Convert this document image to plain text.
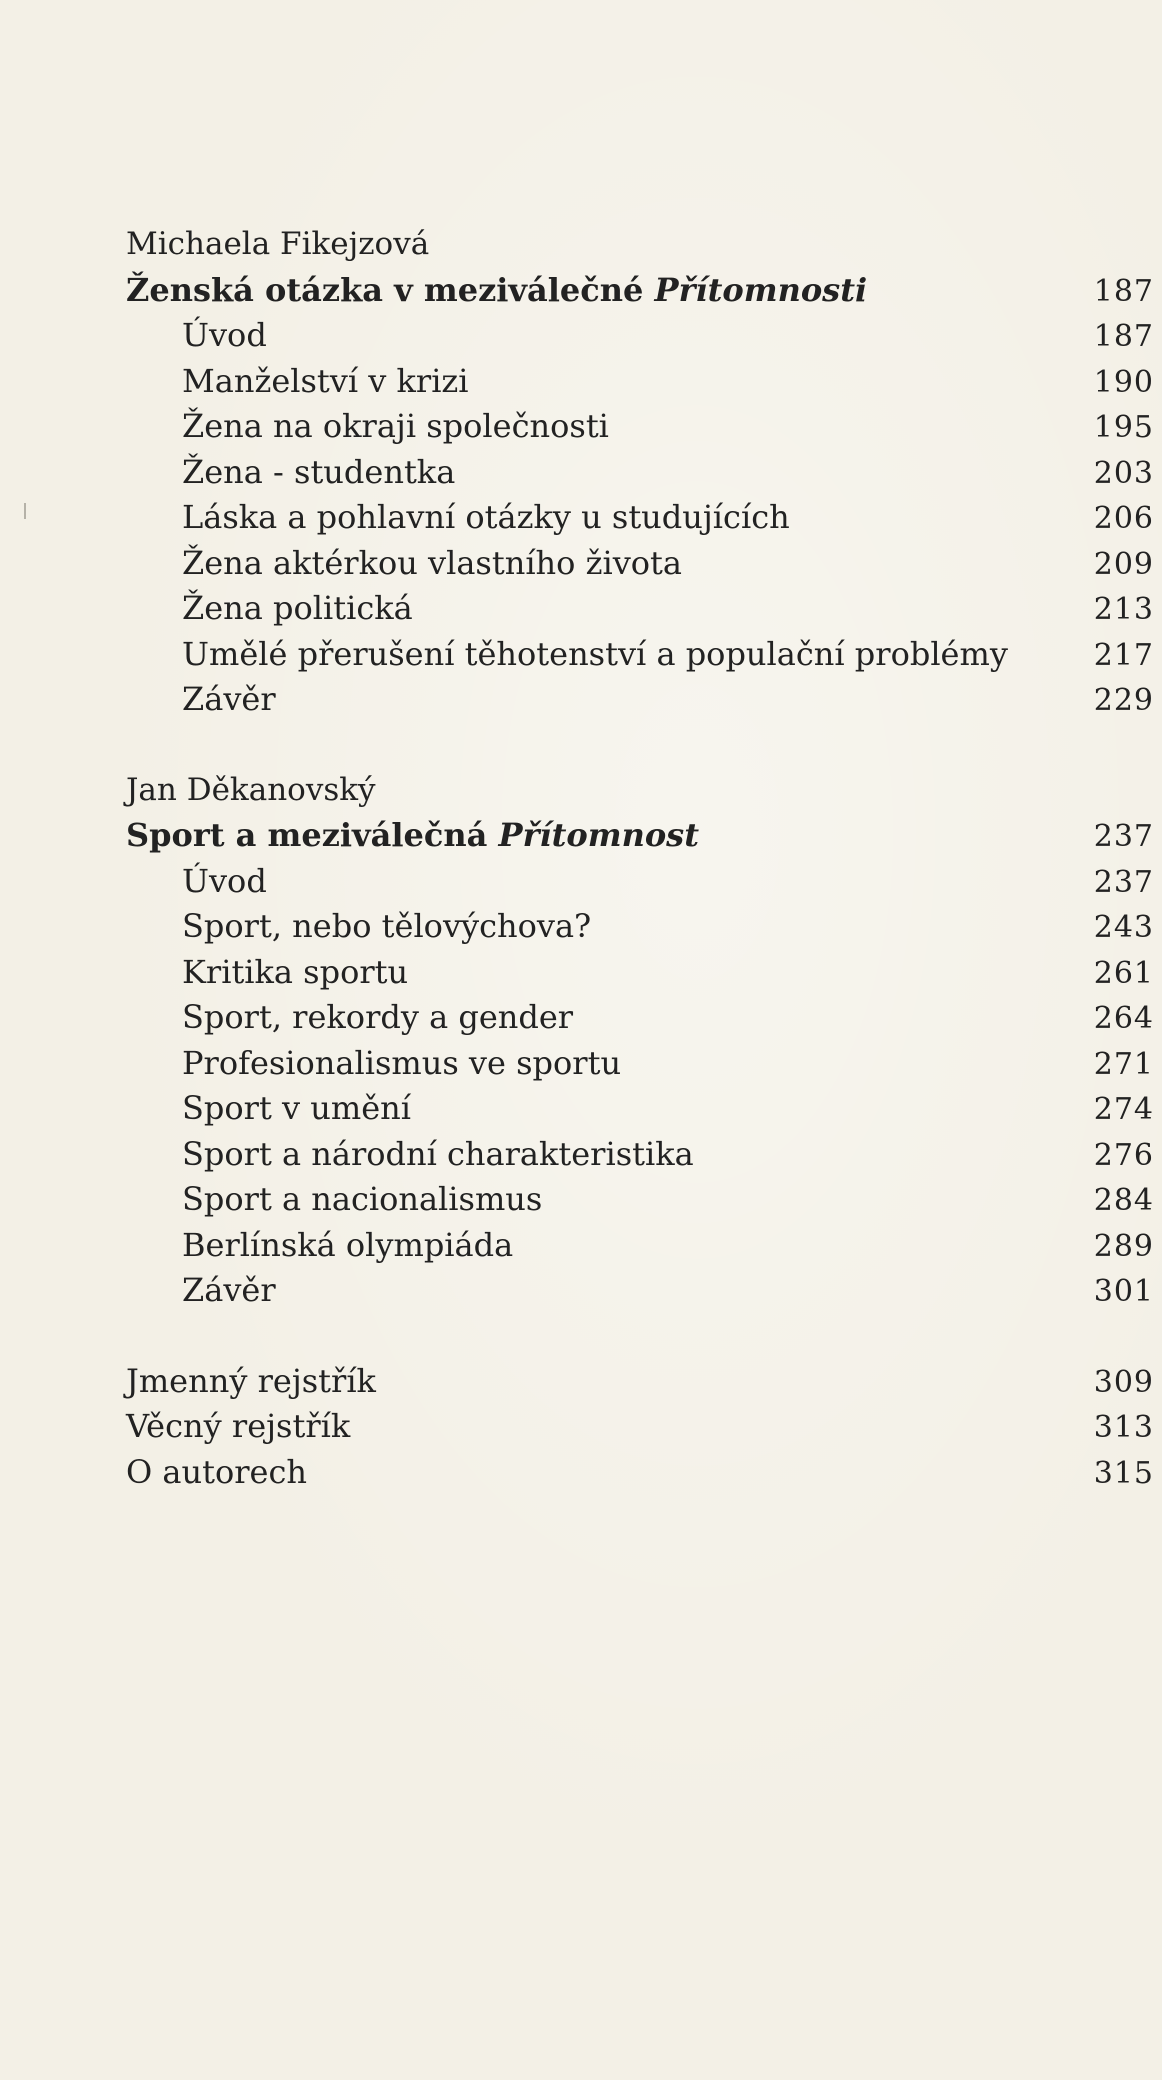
Michaela Fikejzová
Ženská otázka v meziválečné Přítomnosti	187
Úvod	187
Manželství v krizi	190
Žena na okraji společnosti	195
Žena - studentka	203
Láska a pohlavní otázky u studujících	206
Žena aktérkou vlastního života	209
Žena politická	213
Umělé přerušení těhotenství a populační problémy	217
Závěr	229
Jan Děkanovský
Sport a meziválečná Přítomnost	237
Úvod	237
Sport, nebo tělovýchova?	243
Kritika sportu	261
Sport, rekordy a gender	264
Profesionalismus ve sportu	271
Sport v umění	274
Sport a národní charakteristika	276
Sport a nacionalismus	284
Berlínská olympiáda	289
Závěr	301
Jmenný rejstřík	309
Věcný rejstřík	313
O autorech	315
